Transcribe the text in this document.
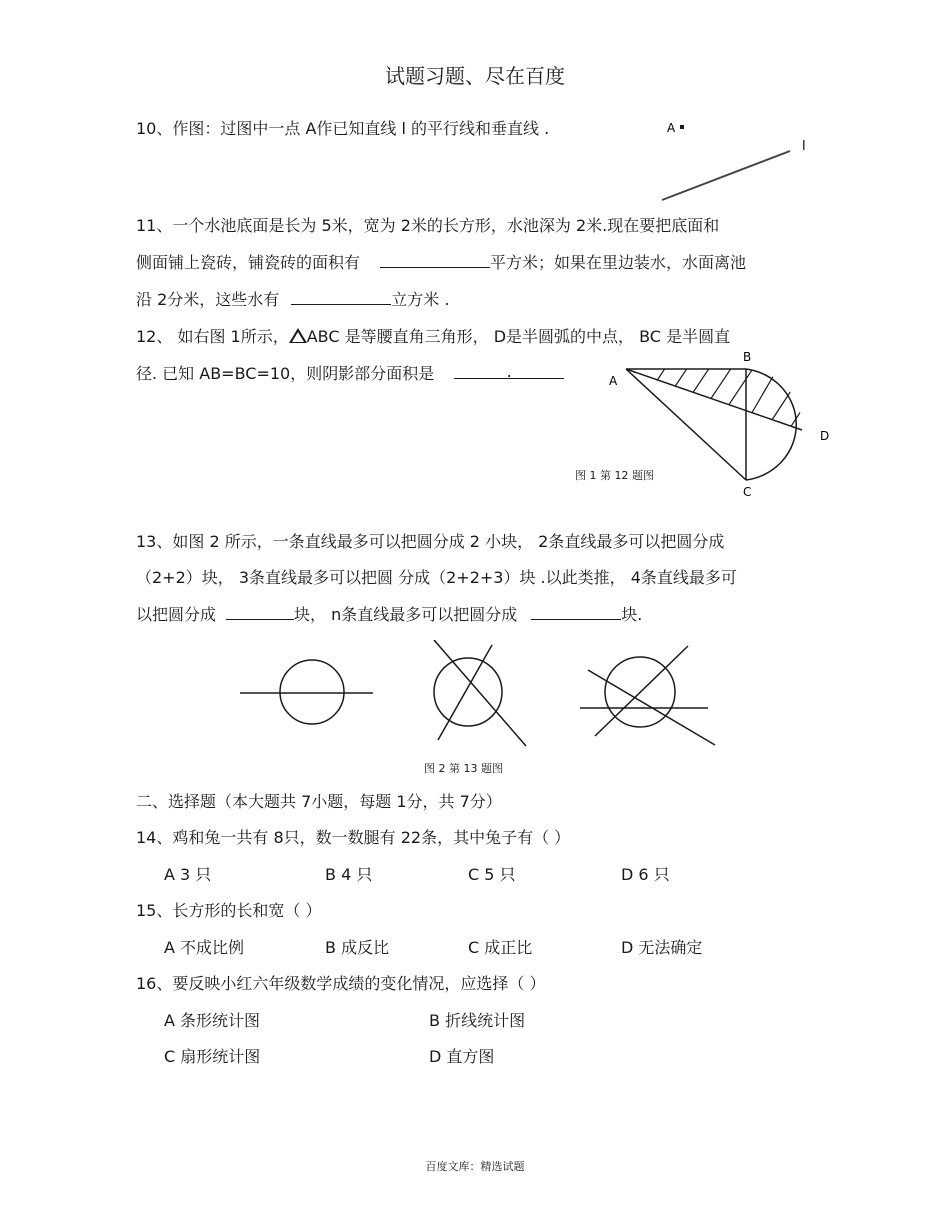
试题习题、尽在百度
10、作图：过图中一点 A作已知直线 l 的平行线和垂直线 .	A
l
11、一个水池底面是长为 5米，宽为 2米的长方形，水池深为 2米.现在要把底面和
侧面铺上瓷砖，铺瓷砖的面积有	平方米；如果在里边装水，水面离池
沿 2分米，这些水有	立方米 .
12、 如右图 1所示， ABC 是等腰直角三角形， D是半圆弧的中点， BC 是半圆直
径. 已知 AB=BC=10，则阴影部分面积是	.	A
B
C
D
图 1 第 12 题图
13、如图 2 所示，一条直线最多可以把圆分成 2 小块， 2条直线最多可以把圆分成
（2+2）块， 3条直线最多可以把圆 分成（2+2+3）块 .以此类推， 4条直线最多可
以把圆分成	块， n条直线最多可以把圆分成	块.
图 2 第 13 题图
二、选择题（本大题共 7小题，每题 1分，共 7分）
14、鸡和兔一共有 8只，数一数腿有 22条，其中兔子有（ ）
A 3 只	B 4 只	C 5 只	D 6 只
15、长方形的长和宽（ ）
A 不成比例	B 成反比	C 成正比	D 无法确定
16、要反映小红六年级数学成绩的变化情况，应选择（ ）
A 条形统计图	B 折线统计图
C 扇形统计图	D 直方图
百度文库：精选试题
